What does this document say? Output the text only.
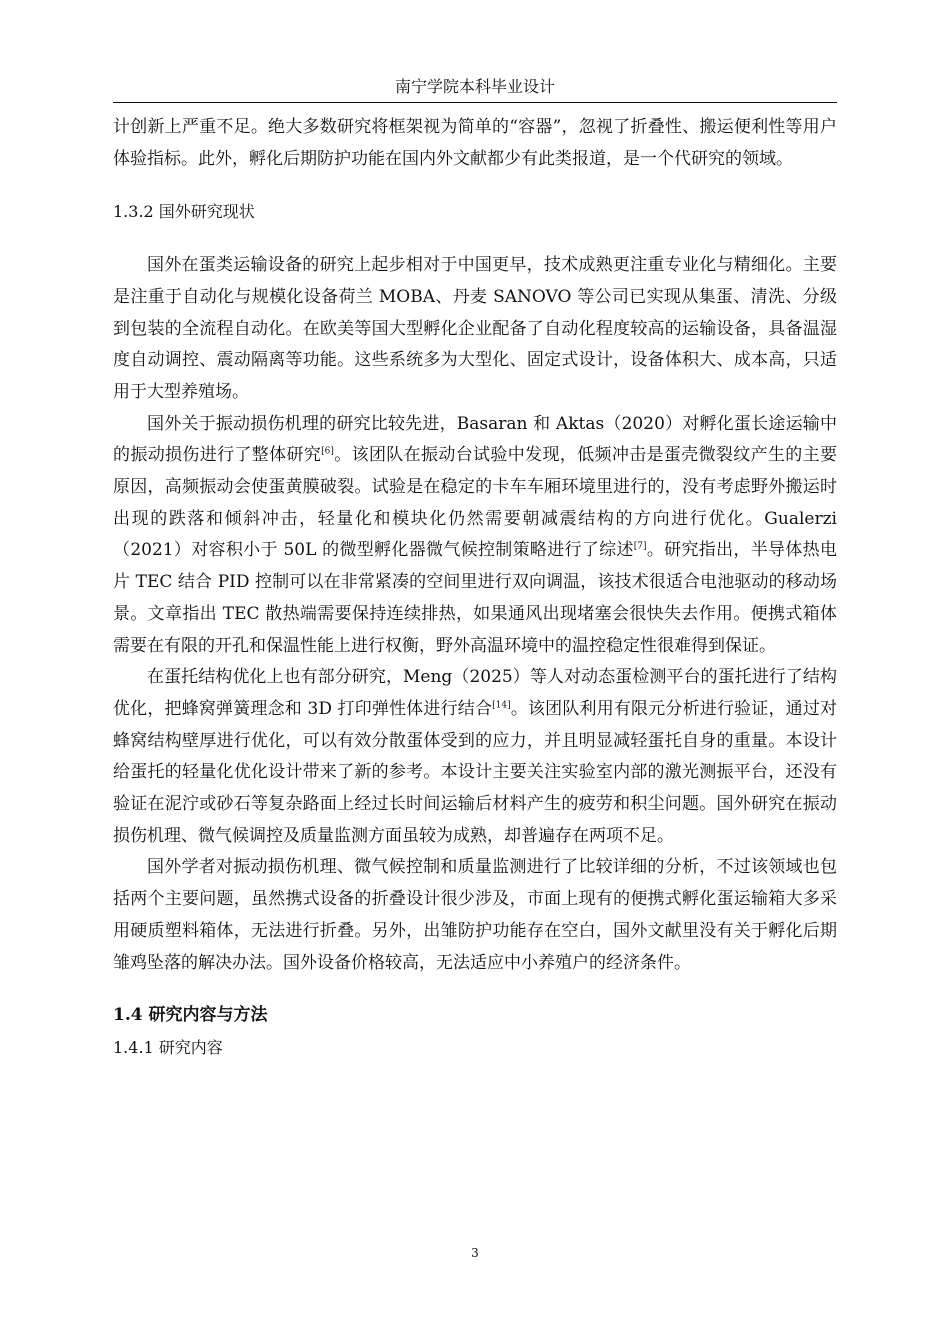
南宁学院本科毕业设计

计创新上严重不足。绝大多数研究将框架视为简单的“容器”，忽视了折叠性、搬运便利性等用户体验指标。此外，孵化后期防护功能在国内外文献都少有此类报道，是一个代研究的领域。

1.3.2 国外研究现状

国外在蛋类运输设备的研究上起步相对于中国更早，技术成熟更注重专业化与精细化。主要是注重于自动化与规模化设备荷兰 MOBA、丹麦 SANOVO 等公司已实现从集蛋、清洗、分级到包装的全流程自动化。在欧美等国大型孵化企业配备了自动化程度较高的运输设备，具备温湿度自动调控、震动隔离等功能。这些系统多为大型化、固定式设计，设备体积大、成本高，只适用于大型养殖场。

国外关于振动损伤机理的研究比较先进，Basaran 和 Aktas（2020）对孵化蛋长途运输中的振动损伤进行了整体研究[6]。该团队在振动台试验中发现，低频冲击是蛋壳微裂纹产生的主要原因，高频振动会使蛋黄膜破裂。试验是在稳定的卡车车厢环境里进行的，没有考虑野外搬运时出现的跌落和倾斜冲击，轻量化和模块化仍然需要朝减震结构的方向进行优化。Gualerzi（2021）对容积小于 50L 的微型孵化器微气候控制策略进行了综述[7]。研究指出，半导体热电片 TEC 结合 PID 控制可以在非常紧凑的空间里进行双向调温，该技术很适合电池驱动的移动场景。文章指出 TEC 散热端需要保持连续排热，如果通风出现堵塞会很快失去作用。便携式箱体需要在有限的开孔和保温性能上进行权衡，野外高温环境中的温控稳定性很难得到保证。

在蛋托结构优化上也有部分研究，Meng（2025）等人对动态蛋检测平台的蛋托进行了结构优化，把蜂窝弹簧理念和 3D 打印弹性体进行结合[14]。该团队利用有限元分析进行验证，通过对蜂窝结构壁厚进行优化，可以有效分散蛋体受到的应力，并且明显减轻蛋托自身的重量。本设计给蛋托的轻量化优化设计带来了新的参考。本设计主要关注实验室内部的激光测振平台，还没有验证在泥泞或砂石等复杂路面上经过长时间运输后材料产生的疲劳和积尘问题。国外研究在振动损伤机理、微气候调控及质量监测方面虽较为成熟，却普遍存在两项不足。

国外学者对振动损伤机理、微气候控制和质量监测进行了比较详细的分析，不过该领域也包括两个主要问题，虽然携式设备的折叠设计很少涉及，市面上现有的便携式孵化蛋运输箱大多采用硬质塑料箱体，无法进行折叠。另外，出雏防护功能存在空白，国外文献里没有关于孵化后期雏鸡坠落的解决办法。国外设备价格较高，无法适应中小养殖户的经济条件。

1.4 研究内容与方法
1.4.1 研究内容
3
